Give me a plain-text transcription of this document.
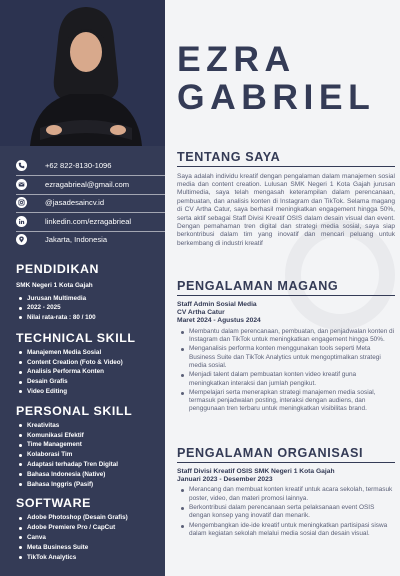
+62 822-8130-1096
ezragabrieal@gmail.com
@jasadesaincv.id
linkedin.com/ezragabrieal
Jakarta, Indonesia
PENDIDIKAN
SMK Negeri 1 Kota Gajah
Jurusan Multimedia
2022 - 2025
Nilai rata-rata : 80 / 100
TECHNICAL SKILL
Manajemen Media Sosial
Content Creation (Foto & Video)
Analisis Performa Konten
Desain Grafis
Video Editing
PERSONAL SKILL
Kreativitas
Komunikasi Efektif
Time Management
Kolaborasi Tim
Adaptasi terhadap Tren Digital
Bahasa Indonesia (Native)
Bahasa Inggris (Pasif)
SOFTWARE
Adobe Photoshop (Desain Grafis)
Adobe Premiere Pro / CapCut
Canva
Meta Business Suite
TikTok Analytics
EZRA
GABRIEL
TENTANG SAYA

Saya adalah individu kreatif dengan pengalaman dalam manajemen sosial media dan content creation. Lulusan SMK Negeri 1 Kota Gajah jurusan Multimedia, saya telah mengasah keterampilan dalam perencanaan, pembuatan, dan analisis konten di Instagram dan TikTok. Selama magang di CV Artha Catur, saya berhasil meningkatkan engagement hingga 50%, serta aktif sebagai Staff Divisi Kreatif OSIS dalam desain visual dan event. Dengan pemahaman tren digital dan strategi media sosial, saya siap berkontribusi dalam tim yang inovatif dan mencari peluang untuk berkembang di industri kreatif

PENGALAMAN MAGANG
Staff Admin Sosial Media
CV Artha Catur
Maret 2024 - Agustus 2024
Membantu dalam perencanaan, pembuatan, dan penjadwalan konten di Instagram dan TikTok untuk meningkatkan engagement hingga 50%.
Menganalisis performa konten menggunakan tools seperti Meta Business Suite dan TikTok Analytics untuk mengoptimalkan strategi media sosial.
Menjadi talent dalam pembuatan konten video kreatif guna meningkatkan interaksi dan jumlah pengikut.
Mempelajari serta menerapkan strategi manajemen media sosial, termasuk penjadwalan posting, interaksi dengan audiens, dan penggunaan tren terbaru untuk meningkatkan visibilitas brand.
PENGALAMAN ORGANISASI
Staff Divisi Kreatif OSIS SMK Negeri 1 Kota Gajah
Januari 2023 - Desember 2023
Merancang dan membuat konten kreatif untuk acara sekolah, termasuk poster, video, dan materi promosi lainnya.
Berkontribusi dalam perencanaan serta pelaksanaan event OSIS dengan konsep yang inovatif dan menarik.
Mengembangkan ide-ide kreatif untuk meningkatkan partisipasi siswa dalam kegiatan sekolah melalui media sosial dan desain visual.
